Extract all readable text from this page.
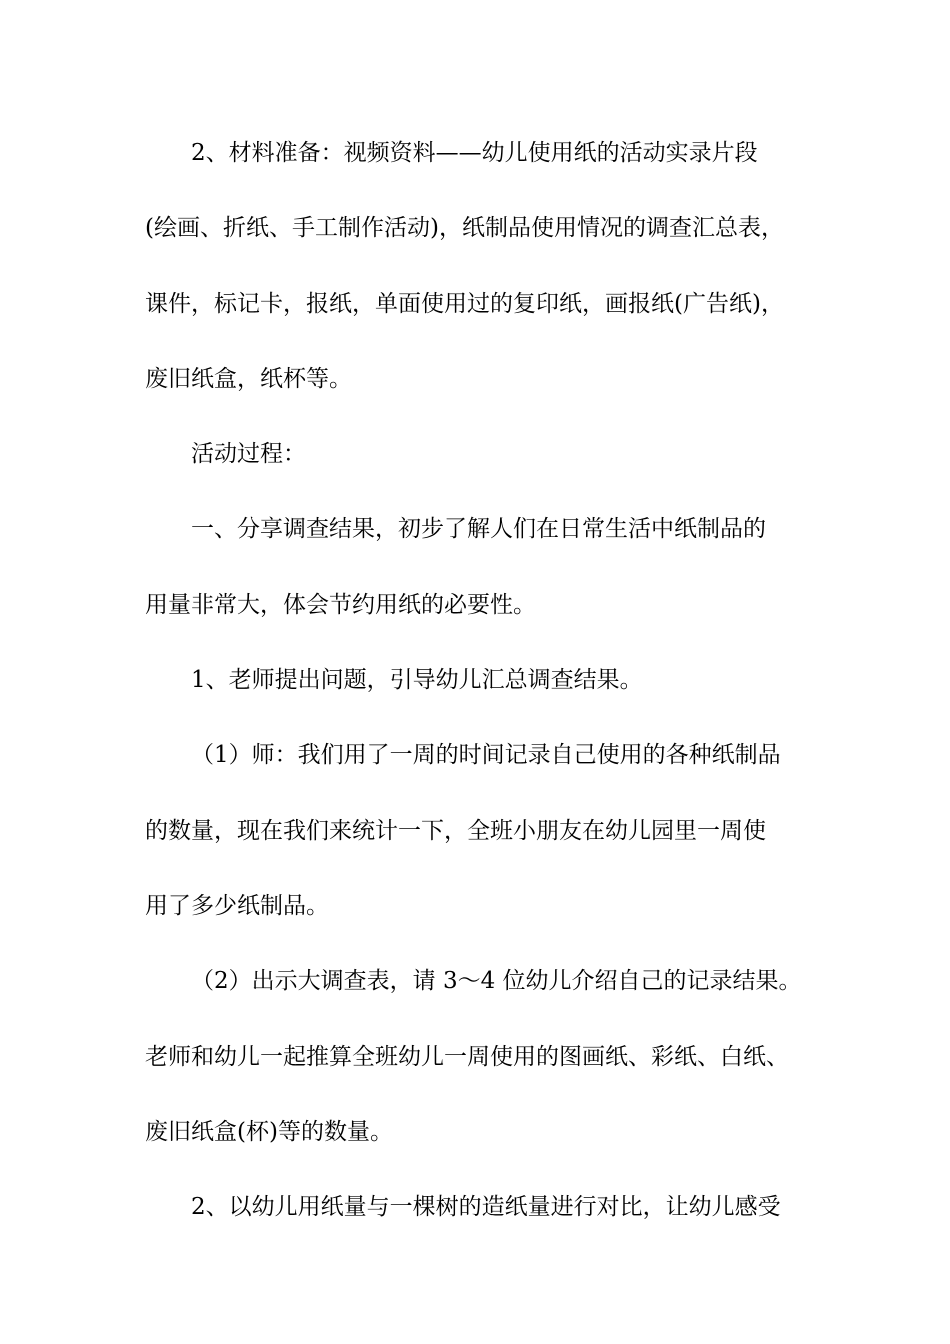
2、材料准备：视频资料——幼儿使用纸的活动实录片段
(绘画、折纸、手工制作活动)，纸制品使用情况的调查汇总表，
课件，标记卡，报纸，单面使用过的复印纸，画报纸(广告纸)，
废旧纸盒，纸杯等。
活动过程：
一、分享调查结果，初步了解人们在日常生活中纸制品的
用量非常大，体会节约用纸的必要性。
1、老师提出问题，引导幼儿汇总调查结果。
（1）师：我们用了一周的时间记录自己使用的各种纸制品
的数量，现在我们来统计一下，全班小朋友在幼儿园里一周使
用了多少纸制品。
（2）出示大调查表，请 3～4 位幼儿介绍自己的记录结果。
老师和幼儿一起推算全班幼儿一周使用的图画纸、彩纸、白纸、
废旧纸盒(杯)等的数量。
2、以幼儿用纸量与一棵树的造纸量进行对比，让幼儿感受
